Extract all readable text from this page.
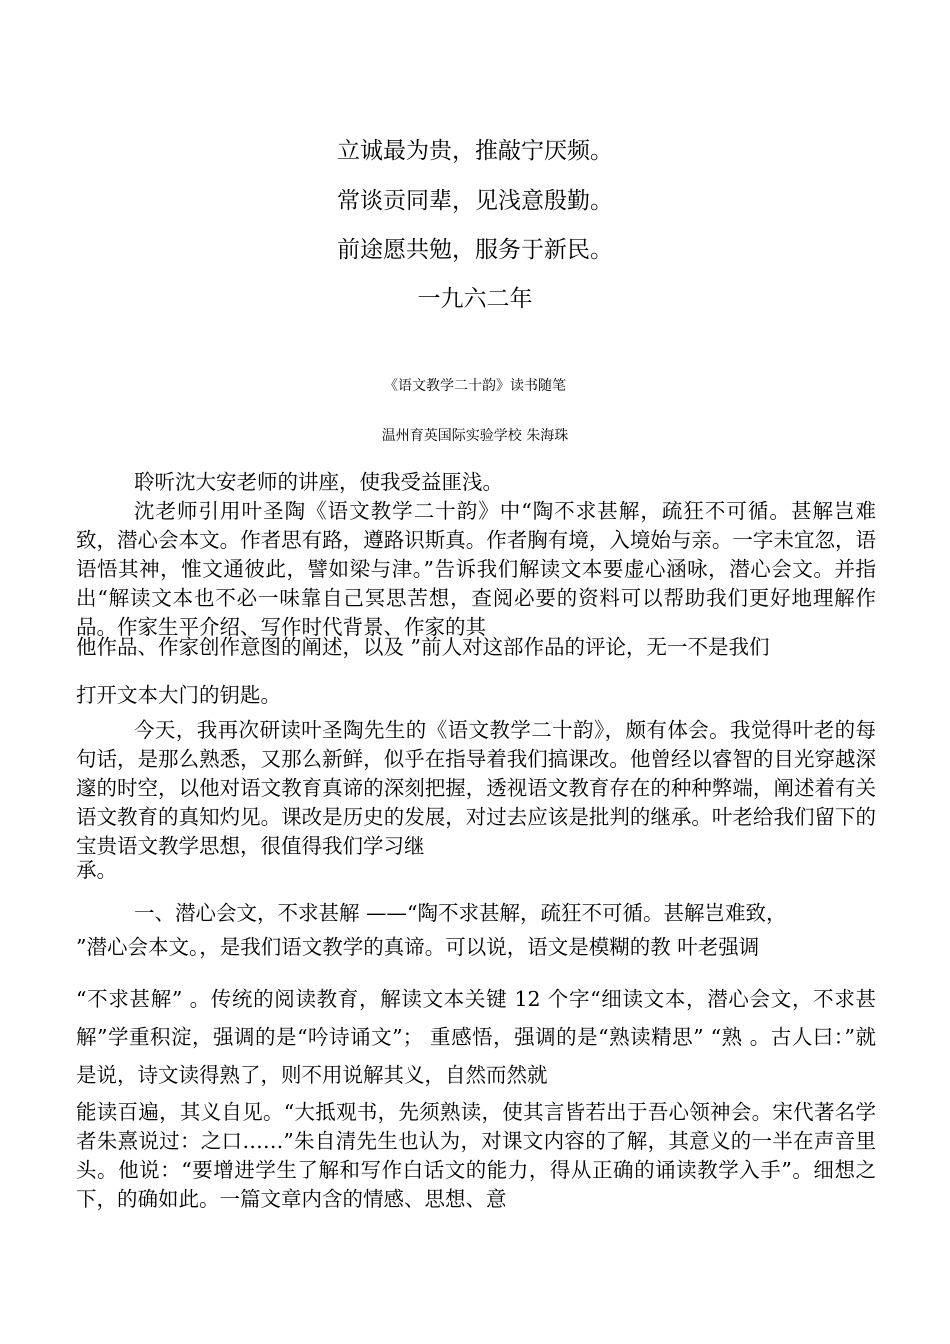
立诚最为贵，推敲宁厌频。

常谈贡同辈，见浅意殷勤。

前途愿共勉，服务于新民。

一九六二年

《语文教学二十韵》读书随笔

温州育英国际实验学校 朱海珠

聆听沈大安老师的讲座，使我受益匪浅。

沈老师引用叶圣陶《语文教学二十韵》中“陶不求甚解，疏狂不可循。甚解岂难致，潜心会本文。作者思有路，遵路识斯真。作者胸有境，入境始与亲。一字未宜忽，语语悟其神，惟文通彼此，譬如梁与津。”告诉我们解读文本要虚心涵咏，潜心会文。并指出“解读文本也不必一味靠自己冥思苦想，查阅必要的资料可以帮助我们更好地理解作品。作家生平介绍、写作时代背景、作家的其

他作品、作家创作意图的阐述，以及 ”前人对这部作品的评论，无一不是我们

打开文本大门的钥匙。

今天，我再次研读叶圣陶先生的《语文教学二十韵》，颇有体会。我觉得叶老的每句话，是那么熟悉，又那么新鲜，似乎在指导着我们搞课改。他曾经以睿智的目光穿越深邃的时空，以他对语文教育真谛的深刻把握，透视语文教育存在的种种弊端，阐述着有关语文教育的真知灼见。课改是历史的发展，对过去应该是批判的继承。叶老给我们留下的宝贵语文教学思想，很值得我们学习继

承。

一、潜心会文，不求甚解 ——“陶不求甚解，疏狂不可循。甚解岂难致，

”潜心会本文。，是我们语文教学的真谛。可以说，语文是模糊的教 叶老强调

“不求甚解” 。传统的阅读教育，解读文本关键 12 个字“细读文本，潜心会文，不求甚解”学重积淀，强调的是“吟诗诵文”； 重感悟，强调的是“熟读精思” “熟 。古人曰：”就是说，诗文读得熟了，则不用说解其义，自然而然就

能读百遍，其义自见。“大抵观书，先须熟读，使其言皆若出于吾心领神会。宋代著名学者朱熹说过：之口……”朱自清先生也认为，对课文内容的了解，其意义的一半在声音里头。他说：“要增进学生了解和写作白话文的能力，得从正确的诵读教学入手”。细想之下，的确如此。一篇文章内含的情感、思想、意
